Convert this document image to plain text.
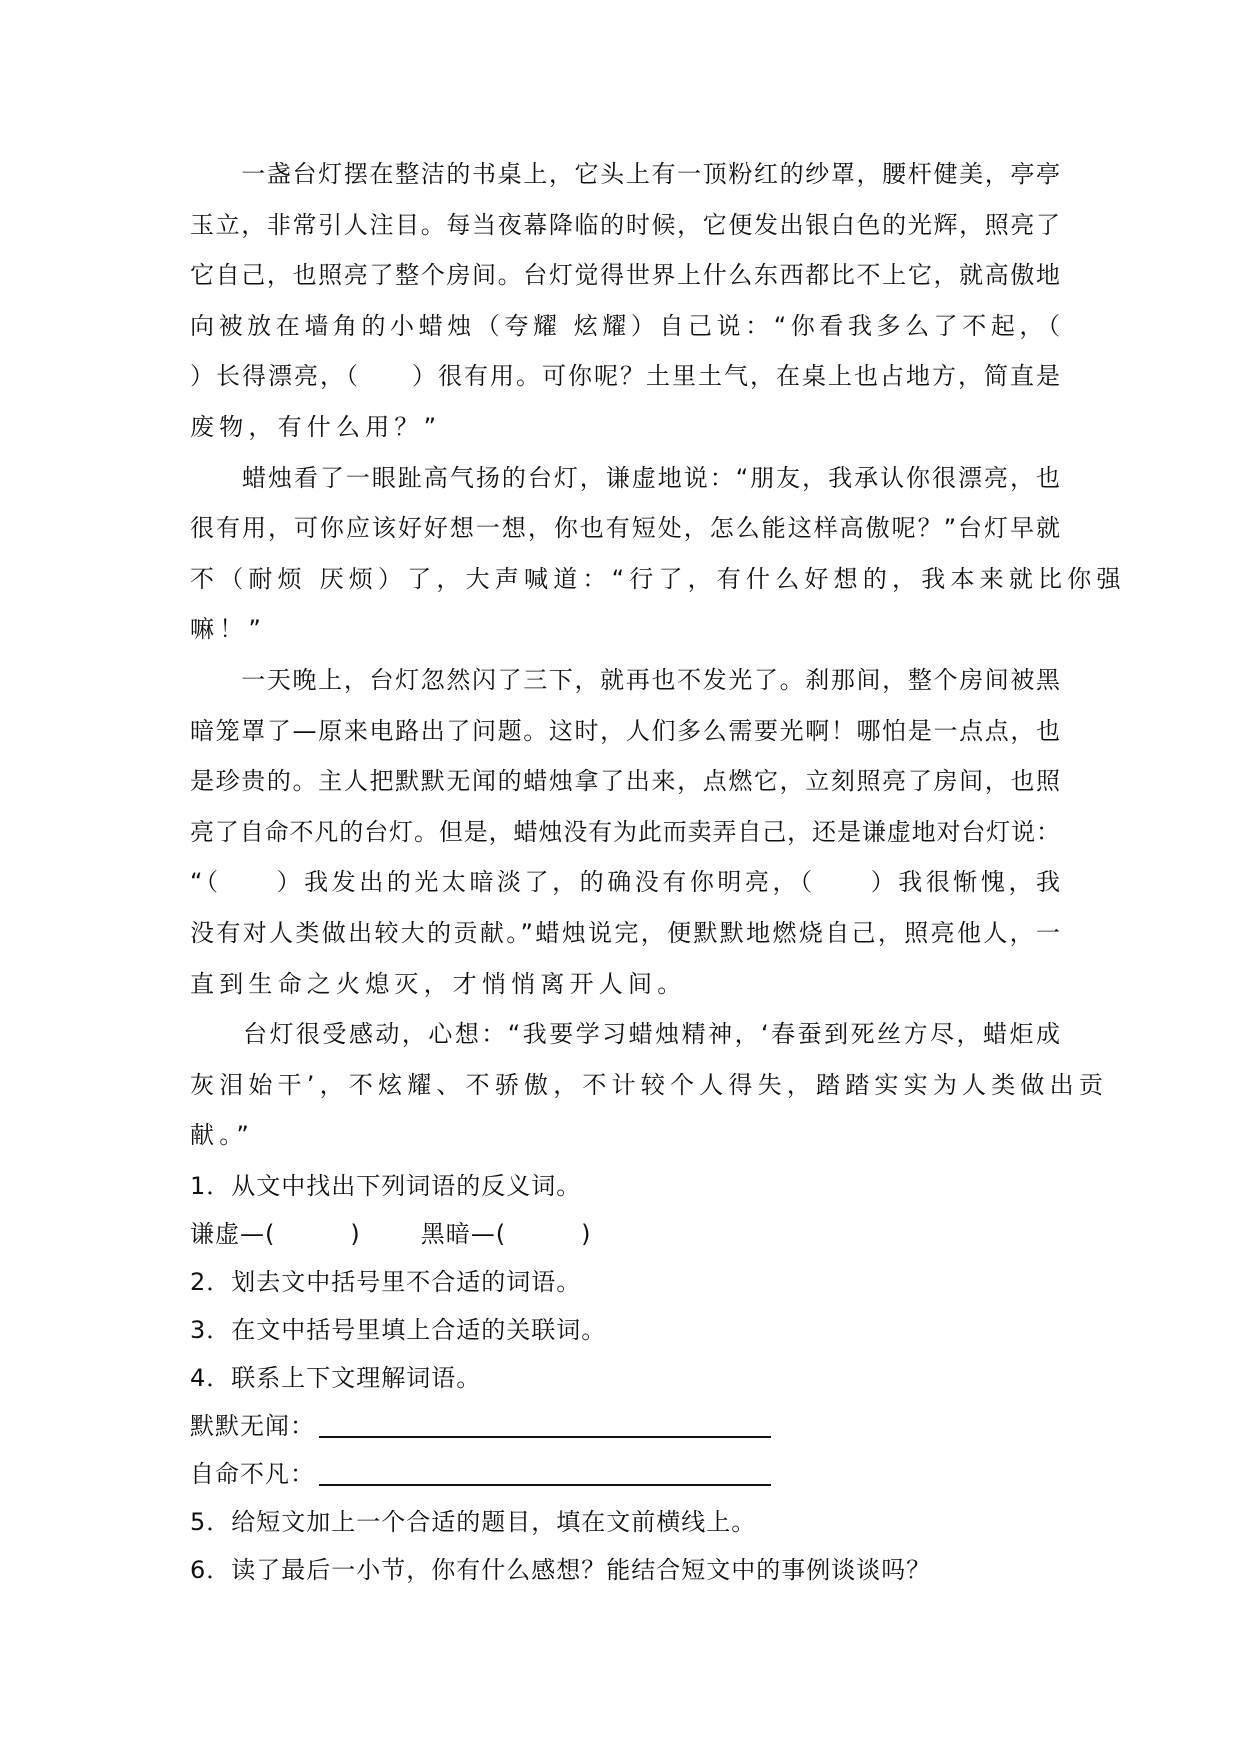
　　一盏台灯摆在整洁的书桌上，它头上有一顶粉红的纱罩，腰杆健美，亭亭
玉立，非常引人注目。每当夜幕降临的时候，它便发出银白色的光辉，照亮了
它自己，也照亮了整个房间。台灯觉得世界上什么东西都比不上它，就高傲地
向被放在墙角的小蜡烛（夸耀 炫耀）自己说：“你看我多么了不起，（
）长得漂亮，（　　）很有用。可你呢？土里土气，在桌上也占地方，简直是
废物，有什么用？”
　　蜡烛看了一眼趾高气扬的台灯，谦虚地说：“朋友，我承认你很漂亮，也
很有用，可你应该好好想一想，你也有短处，怎么能这样高傲呢？”台灯早就
不（耐烦 厌烦）了，大声喊道：“行了，有什么好想的，我本来就比你强
嘛！”
　　一天晚上，台灯忽然闪了三下，就再也不发光了。刹那间，整个房间被黑
暗笼罩了—原来电路出了问题。这时，人们多么需要光啊！哪怕是一点点，也
是珍贵的。主人把默默无闻的蜡烛拿了出来，点燃它，立刻照亮了房间，也照
亮了自命不凡的台灯。但是，蜡烛没有为此而卖弄自己，还是谦虚地对台灯说：
“（　　）我发出的光太暗淡了，的确没有你明亮，（　　）我很惭愧，我
没有对人类做出较大的贡献。”蜡烛说完，便默默地燃烧自己，照亮他人，一
直到生命之火熄灭，才悄悄离开人间。
　　台灯很受感动，心想：“我要学习蜡烛精神，‘春蚕到死丝方尽，蜡炬成
灰泪始干’，不炫耀、不骄傲，不计较个人得失，踏踏实实为人类做出贡
献。”
1．从文中找出下列词语的反义词。
谦虚—(　　　)	黑暗—(　　　)
2．划去文中括号里不合适的词语。
3．在文中括号里填上合适的关联词。
4．联系上下文理解词语。
默默无闻：
自命不凡：
5．给短文加上一个合适的题目，填在文前横线上。
6．读了最后一小节，你有什么感想？能结合短文中的事例谈谈吗？
